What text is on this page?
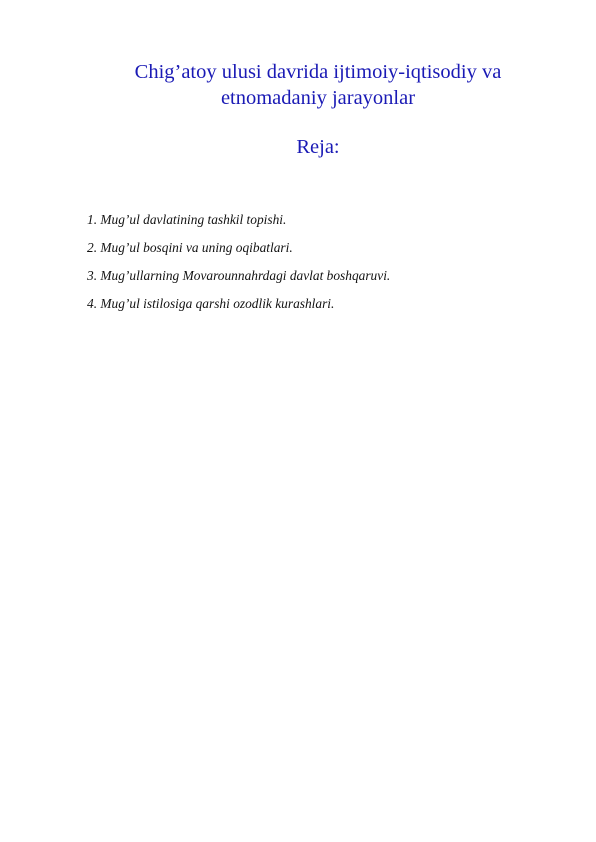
Chig’atoy ulusi davrida ijtimoiy-iqtisodiy va
etnomadaniy jarayonlar
Reja:
1. Mug’ul davlatining tashkil topishi.
2. Mug’ul bosqini va uning oqibatlari.
3. Mug’ullarning Movarounnahrdagi davlat boshqaruvi.
4. Mug’ul istilosiga qarshi ozodlik kurashlari.
